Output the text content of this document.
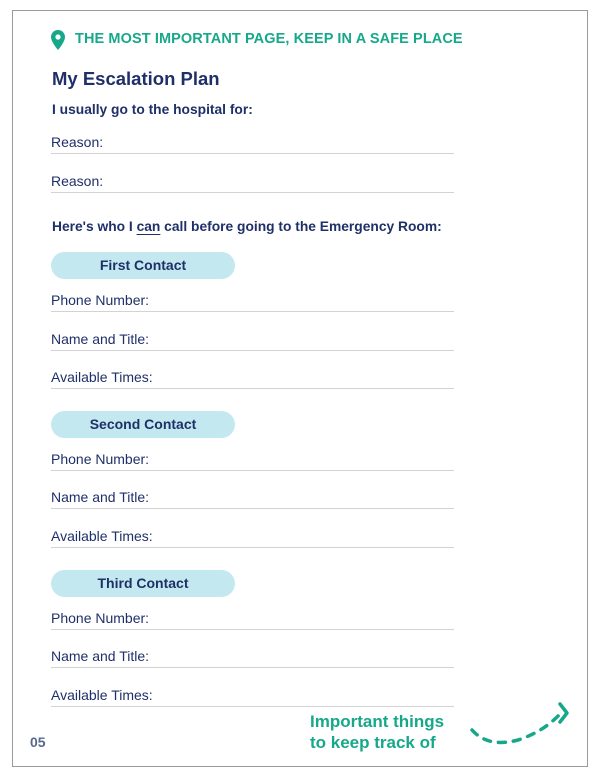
THE MOST IMPORTANT PAGE, KEEP IN A SAFE PLACE
My Escalation Plan
I usually go to the hospital for:
Reason:
Reason:
Here's who I can call before going to the Emergency Room:
First Contact
Phone Number:
Name and Title:
Available Times:
Second Contact
Phone Number:
Name and Title:
Available Times:
Third Contact
Phone Number:
Name and Title:
Available Times:
05
Important things
to keep track of
